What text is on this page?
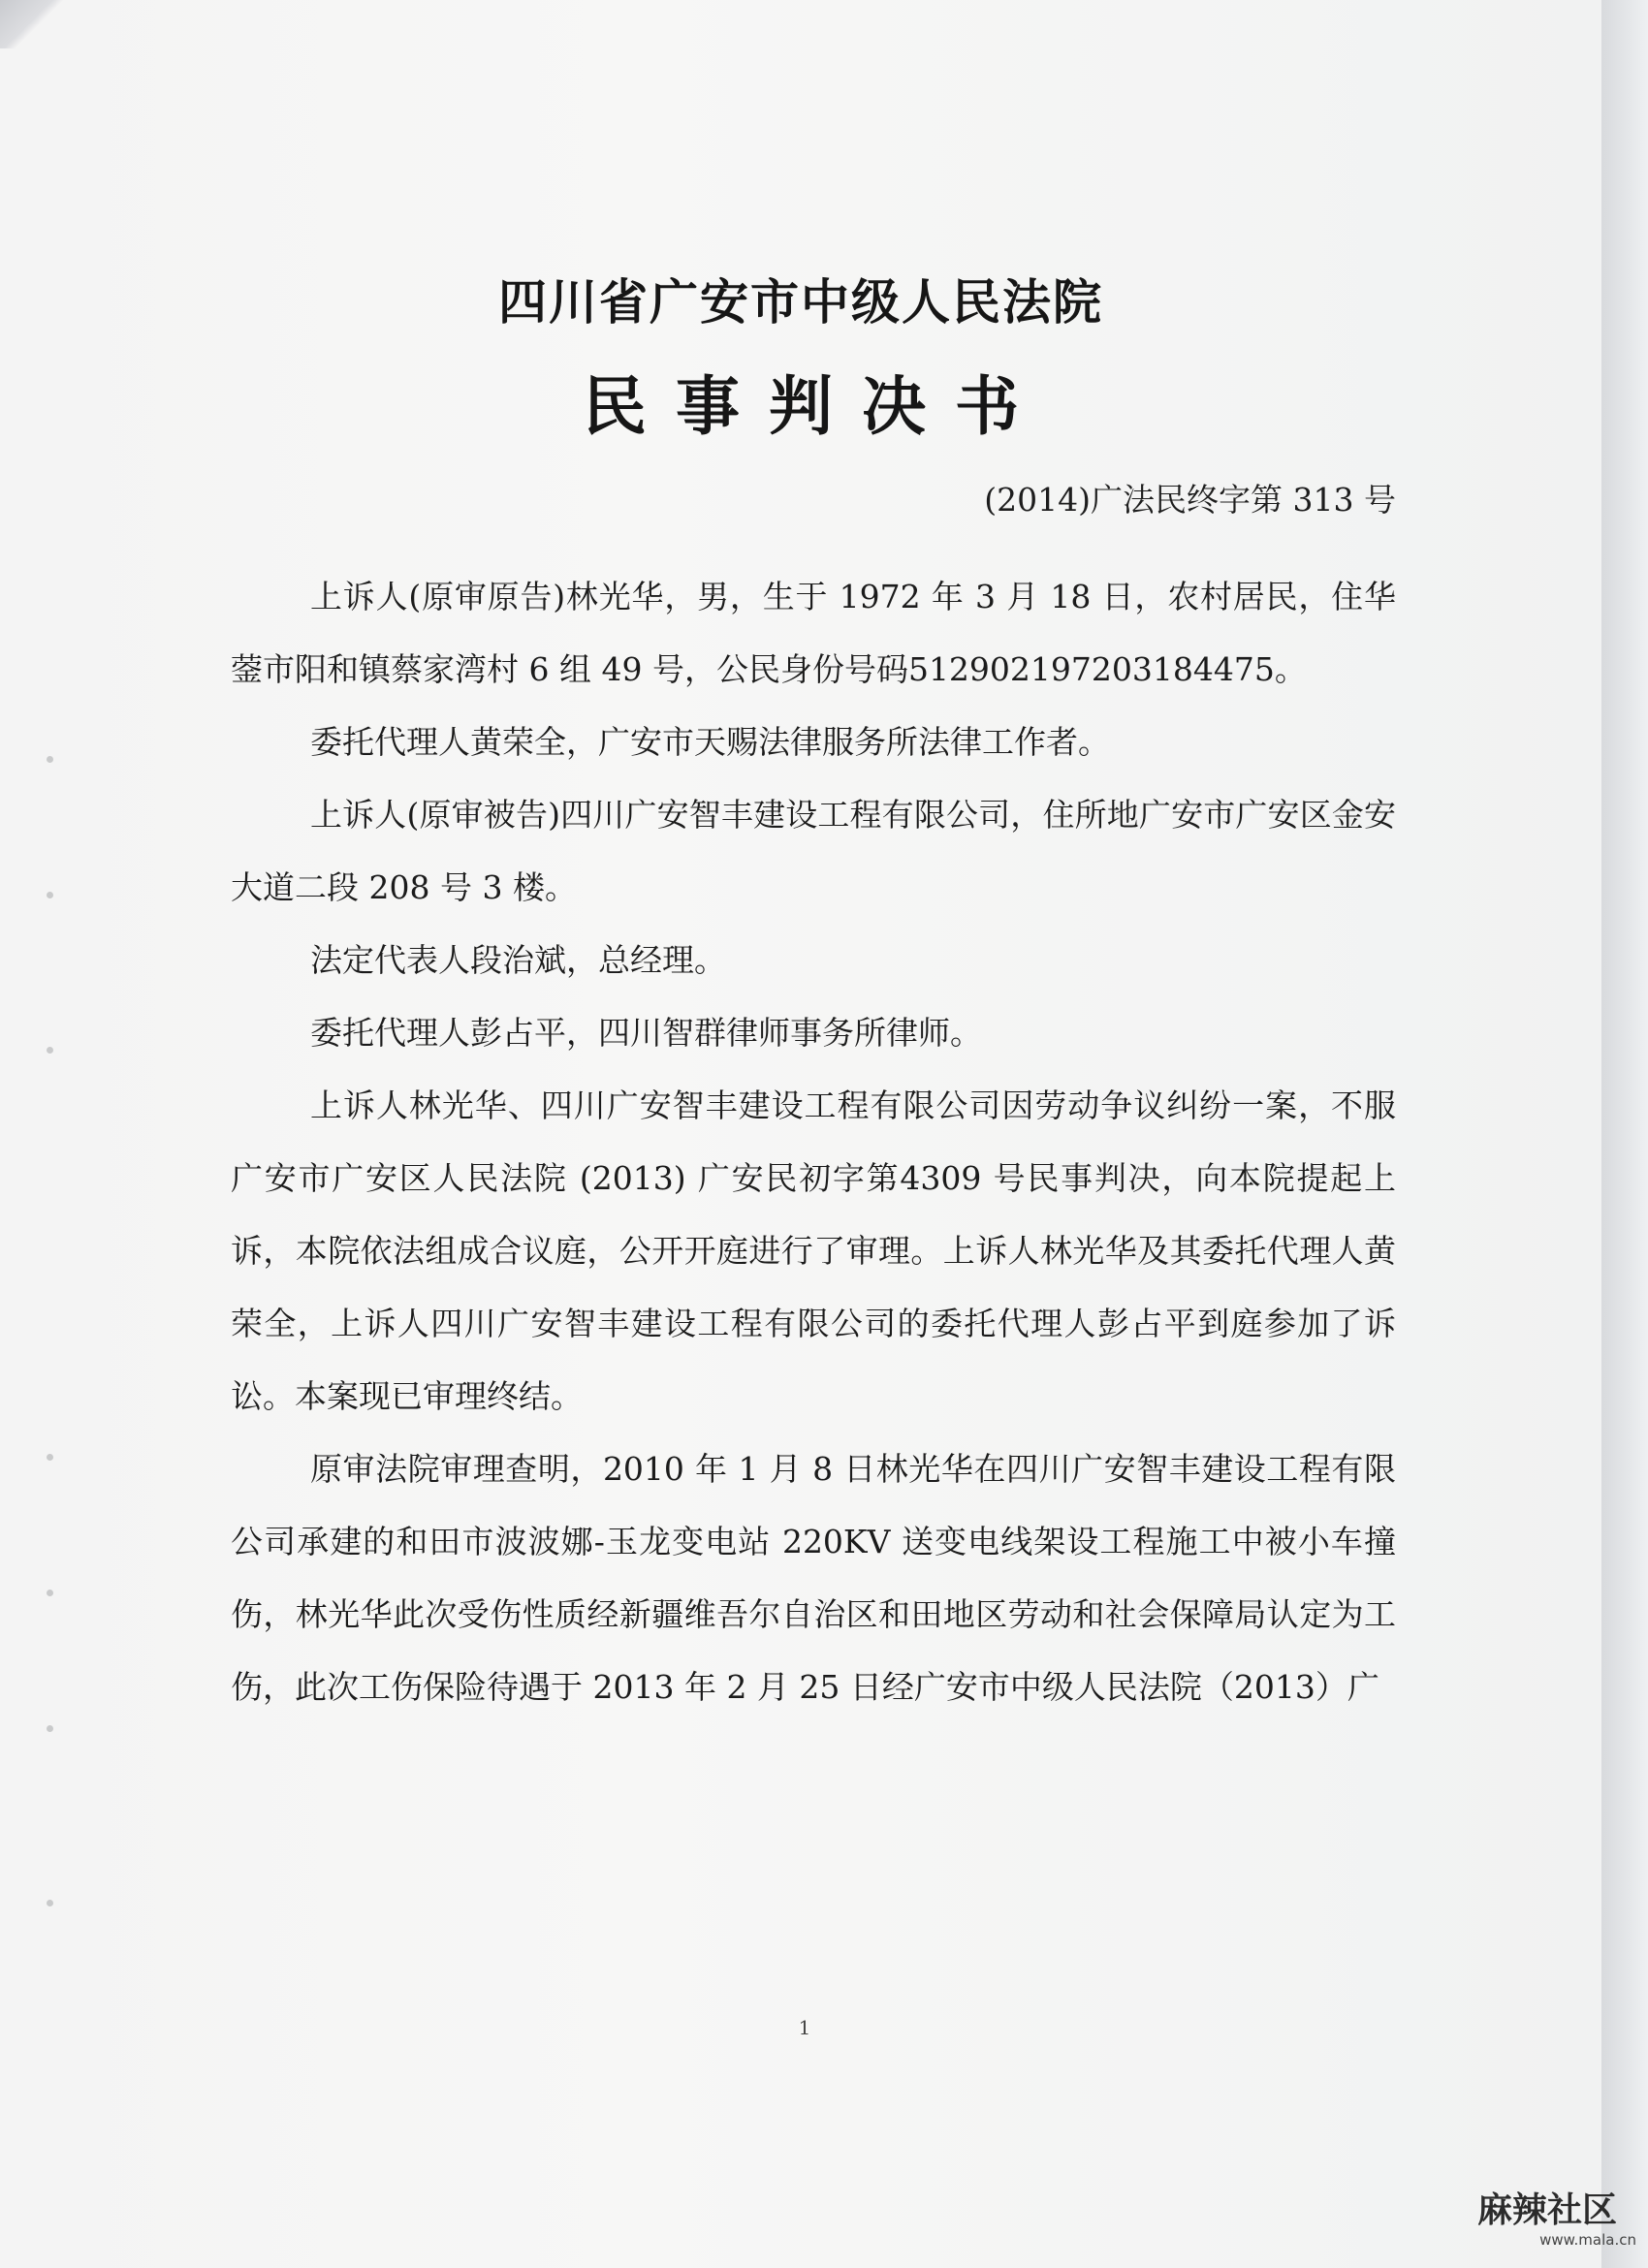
四川省广安市中级人民法院
民事判决书
(2014)广法民终字第 313 号

上诉人(原审原告)林光华，男，生于 1972 年 3 月 18 日，农村居民，住华蓥市阳和镇蔡家湾村 6 组 49 号，公民身份号码512902197203184475。

委托代理人黄荣全，广安市天赐法律服务所法律工作者。

上诉人(原审被告)四川广安智丰建设工程有限公司，住所地广安市广安区金安大道二段 208 号 3 楼。

法定代表人段治斌，总经理。

委托代理人彭占平，四川智群律师事务所律师。

上诉人林光华、四川广安智丰建设工程有限公司因劳动争议纠纷一案，不服广安市广安区人民法院 (2013) 广安民初字第4309 号民事判决，向本院提起上诉，本院依法组成合议庭，公开开庭进行了审理。上诉人林光华及其委托代理人黄荣全，上诉人四川广安智丰建设工程有限公司的委托代理人彭占平到庭参加了诉讼。本案现已审理终结。

原审法院审理查明，2010 年 1 月 8 日林光华在四川广安智丰建设工程有限公司承建的和田市波波娜-玉龙变电站 220KV 送变电线架设工程施工中被小车撞伤，林光华此次受伤性质经新疆维吾尔自治区和田地区劳动和社会保障局认定为工伤，此次工伤保险待遇于 2013 年 2 月 25 日经广安市中级人民法院（2013）广

1
麻辣社区
www.mala.cn
